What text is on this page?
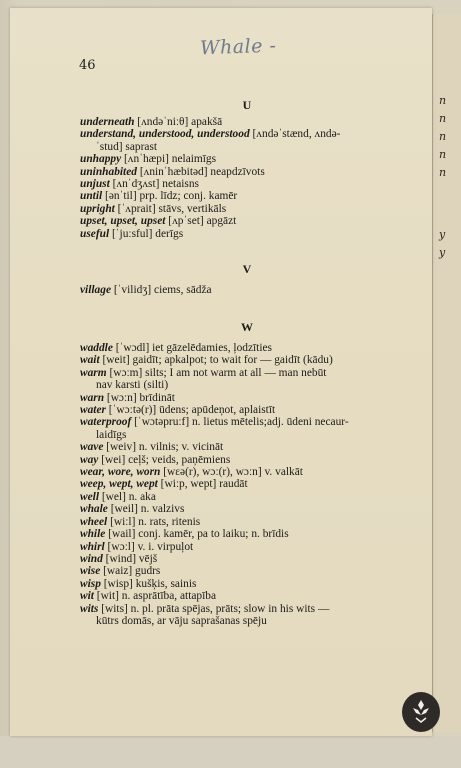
n
n
n
n
n
y
y
46
Whale -
U
underneath [ʌndəˈniːθ] apakšā
understand, understood, understood [ʌndəˈstænd, ʌndə-
ˈstud] saprast
unhappy [ʌnˈhæpi] nelaimīgs
uninhabited [ʌninˈhæbitəd] neapdzīvots
unjust [ʌnˈdʒʌst] netaisns
until [ənˈtil] prp. līdz; conj. kamēr
upright [ˈʌprait] stāvs, vertikāls
upset, upset, upset [ʌpˈset] apgāzt
useful [ˈjuːsful] derīgs
V
village [ˈvilidʒ] ciems, sādža
W
waddle [ˈwɔdl] iet gāzelēdamies, ļodzīties
wait [weit] gaidīt; apkalpot; to wait for — gaidīt (kādu)
warm [wɔːm] silts; I am not warm at all — man nebūt
nav karsti (silti)
warn [wɔːn] brīdināt
water [ˈwɔːtə(r)] ūdens; apūdeņot, aplaistīt
waterproof [ˈwɔtəpruːf] n. lietus mētelis;adj. ūdeni necaur-
laidīgs
wave [weiv] n. vilnis; v. vicināt
way [wei] ceļš; veids, paņēmiens
wear, wore, worn [wɛə(r), wɔː(r), wɔːn] v. valkāt
weep, wept, wept [wiːp, wept] raudāt
well [wel] n. aka
whale [weil] n. valzivs
wheel [wiːl] n. rats, ritenis
while [wail] conj. kamēr, pa to laiku; n. brīdis
whirl [wɔːl] v. i. virpuļot
wind [wind] vējš
wise [waiz] gudrs
wisp [wisp] kušķis, sainis
wit [wit] n. asprātība, attapība
wits [wits] n. pl. prāta spējas, prāts; slow in his wits —
kūtrs domās, ar vāju saprašanas spēju
